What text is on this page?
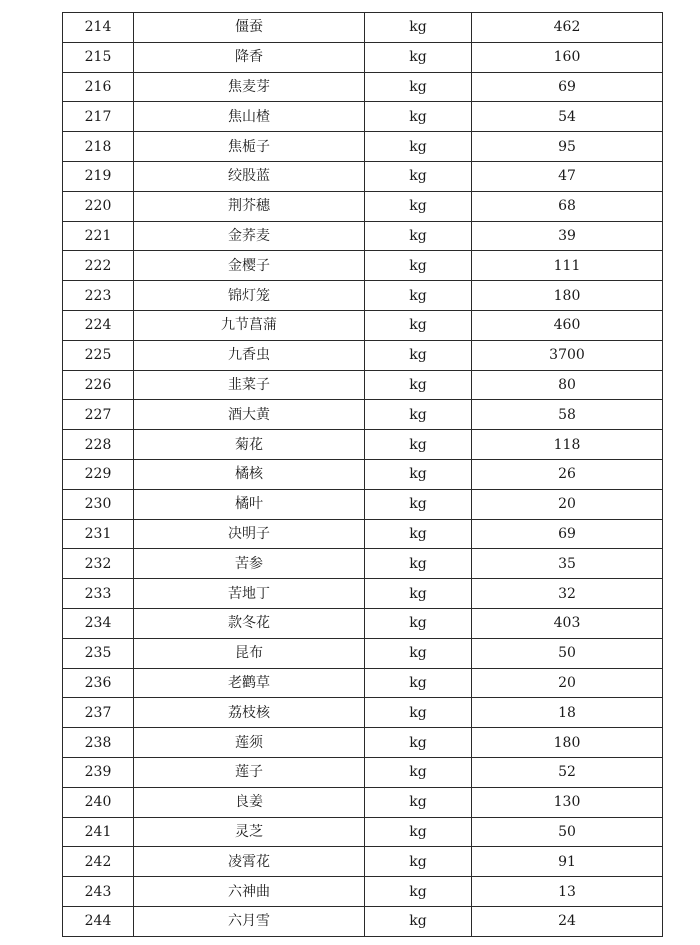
214	僵蚕	kg	462
215	降香	kg	160
216	焦麦芽	kg	69
217	焦山楂	kg	54
218	焦栀子	kg	95
219	绞股蓝	kg	47
220	荆芥穗	kg	68
221	金荞麦	kg	39
222	金樱子	kg	111
223	锦灯笼	kg	180
224	九节菖蒲	kg	460
225	九香虫	kg	3700
226	韭菜子	kg	80
227	酒大黄	kg	58
228	菊花	kg	118
229	橘核	kg	26
230	橘叶	kg	20
231	决明子	kg	69
232	苦参	kg	35
233	苦地丁	kg	32
234	款冬花	kg	403
235	昆布	kg	50
236	老鹳草	kg	20
237	荔枝核	kg	18
238	莲须	kg	180
239	莲子	kg	52
240	良姜	kg	130
241	灵芝	kg	50
242	凌霄花	kg	91
243	六神曲	kg	13
244	六月雪	kg	24
